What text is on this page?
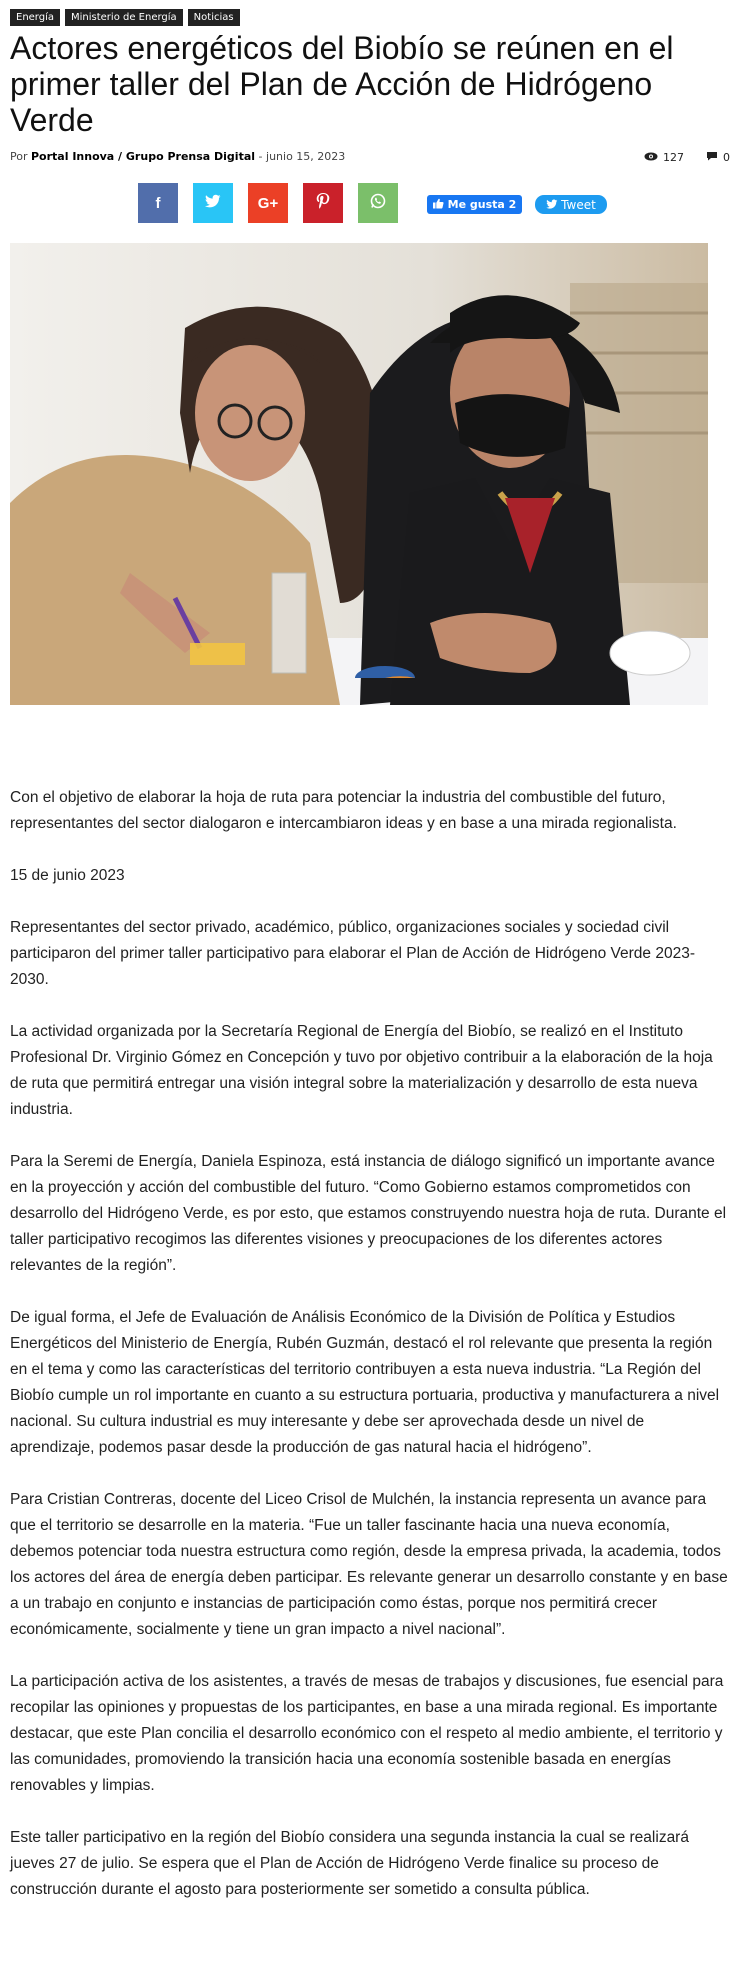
Energía	Ministerio de Energía	Noticias
Actores energéticos del Biobío se reúnen en el primer taller del Plan de Acción de Hidrógeno Verde
Por Portal Innova / Grupo Prensa Digital - junio 15, 2023	127	0
f	G+	Me gusta 2	Tweet

Con el objetivo de elaborar la hoja de ruta para potenciar la industria del combustible del futuro, representantes del sector dialogaron e intercambiaron ideas y en base a una mirada regionalista.

15 de junio 2023

Representantes del sector privado, académico, público, organizaciones sociales y sociedad civil participaron del primer taller participativo para elaborar el Plan de Acción de Hidrógeno Verde 2023-2030.

La actividad organizada por la Secretaría Regional de Energía del Biobío, se realizó en el Instituto Profesional Dr. Virginio Gómez en Concepción y tuvo por objetivo contribuir a la elaboración de la hoja de ruta que permitirá entregar una visión integral sobre la materialización y desarrollo de esta nueva industria.

Para la Seremi de Energía, Daniela Espinoza, está instancia de diálogo significó un importante avance en la proyección y acción del combustible del futuro. “Como Gobierno estamos comprometidos con desarrollo del Hidrógeno Verde, es por esto, que estamos construyendo nuestra hoja de ruta. Durante el taller participativo recogimos las diferentes visiones y preocupaciones de los diferentes actores relevantes de la región”.

De igual forma, el Jefe de Evaluación de Análisis Económico de la División de Política y Estudios Energéticos del Ministerio de Energía, Rubén Guzmán, destacó el rol relevante que presenta la región en el tema y como las características del territorio contribuyen a esta nueva industria. “La Región del Biobío cumple un rol importante en cuanto a su estructura portuaria, productiva y manufacturera a nivel nacional. Su cultura industrial es muy interesante y debe ser aprovechada desde un nivel de aprendizaje, podemos pasar desde la producción de gas natural hacia el hidrógeno”.

Para Cristian Contreras, docente del Liceo Crisol de Mulchén, la instancia representa un avance para que el territorio se desarrolle en la materia. “Fue un taller fascinante hacia una nueva economía, debemos potenciar toda nuestra estructura como región, desde la empresa privada, la academia, todos los actores del área de energía deben participar. Es relevante generar un desarrollo constante y en base a un trabajo en conjunto e instancias de participación como éstas, porque nos permitirá crecer económicamente, socialmente y tiene un gran impacto a nivel nacional”.

La participación activa de los asistentes, a través de mesas de trabajos y discusiones, fue esencial para recopilar las opiniones y propuestas de los participantes, en base a una mirada regional. Es importante destacar, que este Plan concilia el desarrollo económico con el respeto al medio ambiente, el territorio y las comunidades, promoviendo la transición hacia una economía sostenible basada en energías renovables y limpias.

Este taller participativo en la región del Biobío considera una segunda instancia la cual se realizará jueves 27 de julio. Se espera que el Plan de Acción de Hidrógeno Verde finalice su proceso de construcción durante el agosto para posteriormente ser sometido a consulta pública.
